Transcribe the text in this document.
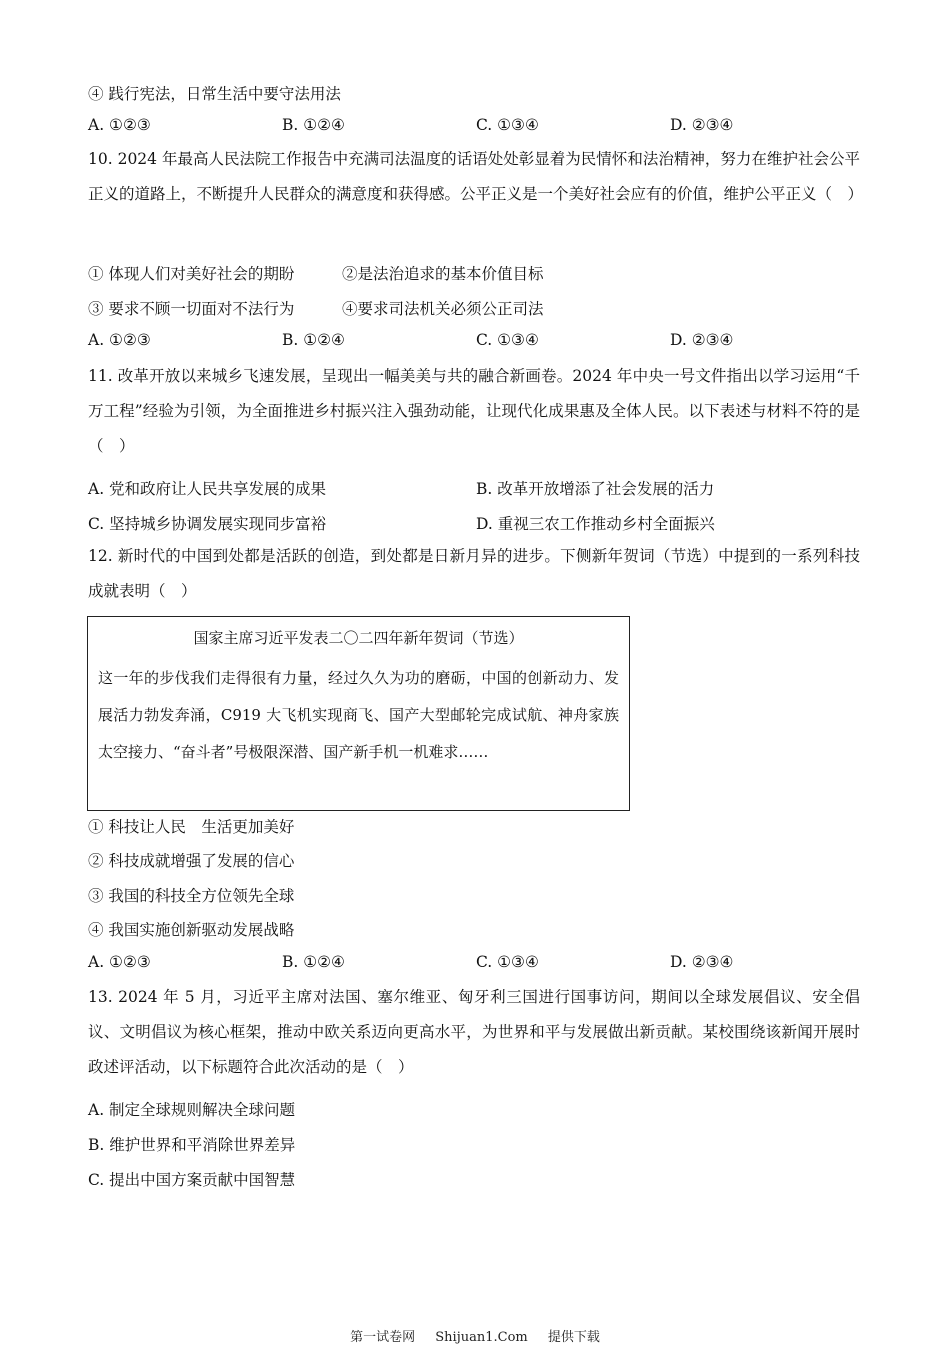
④ 践行宪法，日常生活中要守法用法
A. ①②③	B. ①②④	C. ①③④	D. ②③④
10. 2024 年最高人民法院工作报告中充满司法温度的话语处处彰显着为民情怀和法治精神，努力在维护社会公平正义的道路上，不断提升人民群众的满意度和获得感。公平正义是一个美好社会应有的价值，维护公平正义（　）
① 体现人们对美好社会的期盼	②是法治追求的基本价值目标
③ 要求不顾一切面对不法行为	④要求司法机关必须公正司法
A. ①②③	B. ①②④	C. ①③④	D. ②③④
11. 改革开放以来城乡飞速发展，呈现出一幅美美与共的融合新画卷。2024 年中央一号文件指出以学习运用“千万工程”经验为引领，为全面推进乡村振兴注入强劲动能，让现代化成果惠及全体人民。以下表述与材料不符的是（　）
A. 党和政府让人民共享发展的成果	B. 改革开放增添了社会发展的活力
C. 坚持城乡协调发展实现同步富裕	D. 重视三农工作推动乡村全面振兴
12. 新时代的中国到处都是活跃的创造，到处都是日新月异的进步。下侧新年贺词（节选）中提到的一系列科技成就表明（　）
国家主席习近平发表二〇二四年新年贺词（节选）
这一年的步伐我们走得很有力量，经过久久为功的磨砺，中国的创新动力、发展活力勃发奔涌，C919 大飞机实现商飞、国产大型邮轮完成试航、神舟家族太空接力、“奋斗者”号极限深潜、国产新手机一机难求……
① 科技让人民　生活更加美好
② 科技成就增强了发展的信心
③ 我国的科技全方位领先全球
④ 我国实施创新驱动发展战略
A. ①②③	B. ①②④	C. ①③④	D. ②③④
13. 2024 年 5 月，习近平主席对法国、塞尔维亚、匈牙利三国进行国事访问，期间以全球发展倡议、安全倡议、文明倡议为核心框架，推动中欧关系迈向更高水平，为世界和平与发展做出新贡献。某校围绕该新闻开展时政述评活动，以下标题符合此次活动的是（　）
A. 制定全球规则解决全球问题
B. 维护世界和平消除世界差异
C. 提出中国方案贡献中国智慧
第一试卷网 Shijuan1.Com 提供下载
